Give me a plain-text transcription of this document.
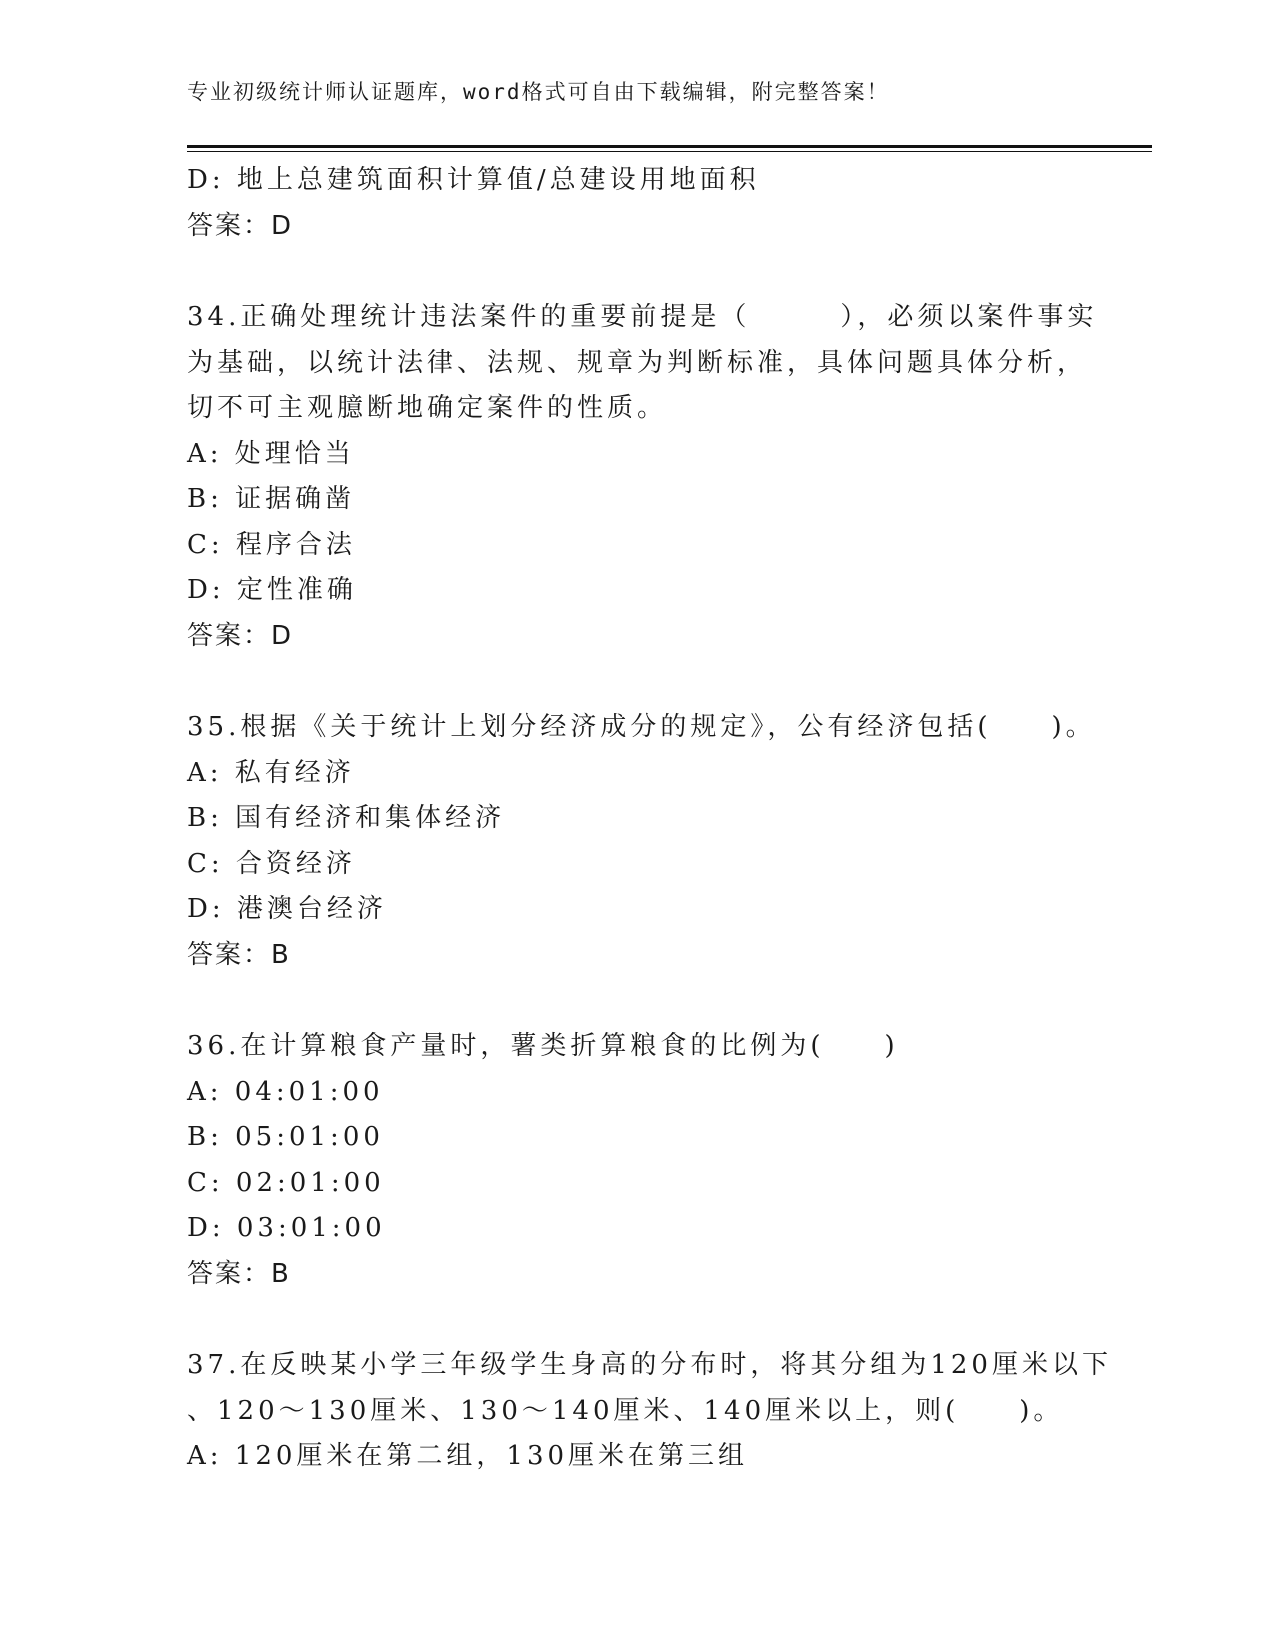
专业初级统计师认证题库，word格式可自由下载编辑，附完整答案！
D: 地上总建筑面积计算值/总建设用地面积
答案：D
34.正确处理统计违法案件的重要前提是（　　　），必须以案件事实
为基础，以统计法律、法规、规章为判断标准，具体问题具体分析，
切不可主观臆断地确定案件的性质。
A: 处理恰当
B: 证据确凿
C: 程序合法
D: 定性准确
答案：D
35.根据《关于统计上划分经济成分的规定》，公有经济包括(　　)。
A: 私有经济
B: 国有经济和集体经济
C: 合资经济
D: 港澳台经济
答案：B
36.在计算粮食产量时，薯类折算粮食的比例为(　　)
A: 04:01:00
B: 05:01:00
C: 02:01:00
D: 03:01:00
答案：B
37.在反映某小学三年级学生身高的分布时，将其分组为120厘米以下
、120～130厘米、130～140厘米、140厘米以上，则(　　)。
A: 120厘米在第二组，130厘米在第三组
